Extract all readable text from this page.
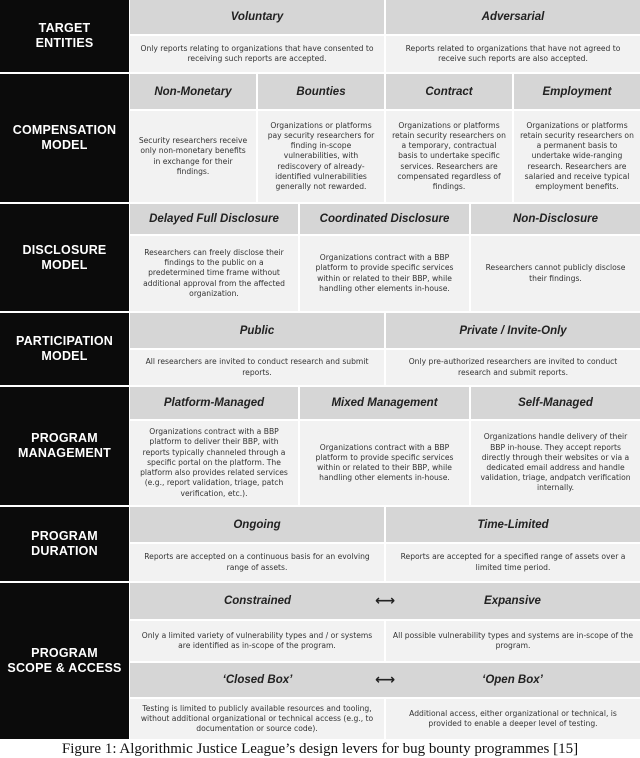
TARGET
ENTITIES
Voluntary	Adversarial
Only reports relating to organizations that have consented to receiving such reports are accepted.
Reports related to organizations that have not agreed to receive such reports are also accepted.
COMPENSATION
MODEL
Non-Monetary	Bounties	Contract	Employment
Security researchers receive only non-monetary benefits in exchange for their findings.
Organizations or platforms pay security researchers for finding in-scope vulnerabilities, with rediscovery of already-identified vulnerabilities generally not rewarded.
Organizations or platforms retain security researchers on a temporary, contractual basis to undertake specific services. Researchers are compensated regardless of findings.
Organizations or platforms retain security researchers on a permanent basis to undertake wide-ranging research. Researchers are salaried and receive typical employment benefits.
DISCLOSURE
MODEL
Delayed Full Disclosure	Coordinated Disclosure	Non-Disclosure
Researchers can freely disclose their findings to the public on a predetermined time frame without additional approval from the affected organization.
Organizations contract with a BBP platform to provide specific services within or related to their BBP, while handling other elements in-house.
Researchers cannot publicly disclose their findings.
PARTICIPATION
MODEL
Public	Private / Invite-Only
All researchers are invited to conduct research and submit reports.
Only pre-authorized researchers are invited to conduct research and submit reports.
PROGRAM
MANAGEMENT
Platform-Managed	Mixed Management	Self-Managed
Organizations contract with a BBP platform to deliver their BBP, with reports typically channeled through a specific portal on the platform. The platform also provides related services (e.g., report validation, triage, patch verification, etc.).
Organizations contract with a BBP platform to provide specific services within or related to their BBP, while handling other elements in-house.
Organizations handle delivery of their BBP in-house. They accept reports directly through their websites or via a dedicated email address and handle validation, triage, andpatch verification internally.
PROGRAM
DURATION
Ongoing	Time-Limited
Reports are accepted on a continuous basis for an evolving range of assets.
Reports are accepted for a specified range of assets over a limited time period.
PROGRAM
SCOPE & ACCESS
Constrained	⟷	Expansive
Only a limited variety of vulnerability types and / or systems are identified as in-scope of the program.
All possible vulnerability types and systems are in-scope of the program.
‘Closed Box’	⟷	‘Open Box’
Testing is limited to publicly available resources and tooling, without additional organizational or technical access (e.g., to documentation or source code).
Additional access, either organizational or technical, is provided to enable a deeper level of testing.
Figure 1: Algorithmic Justice League’s design levers for bug bounty programmes [15]
